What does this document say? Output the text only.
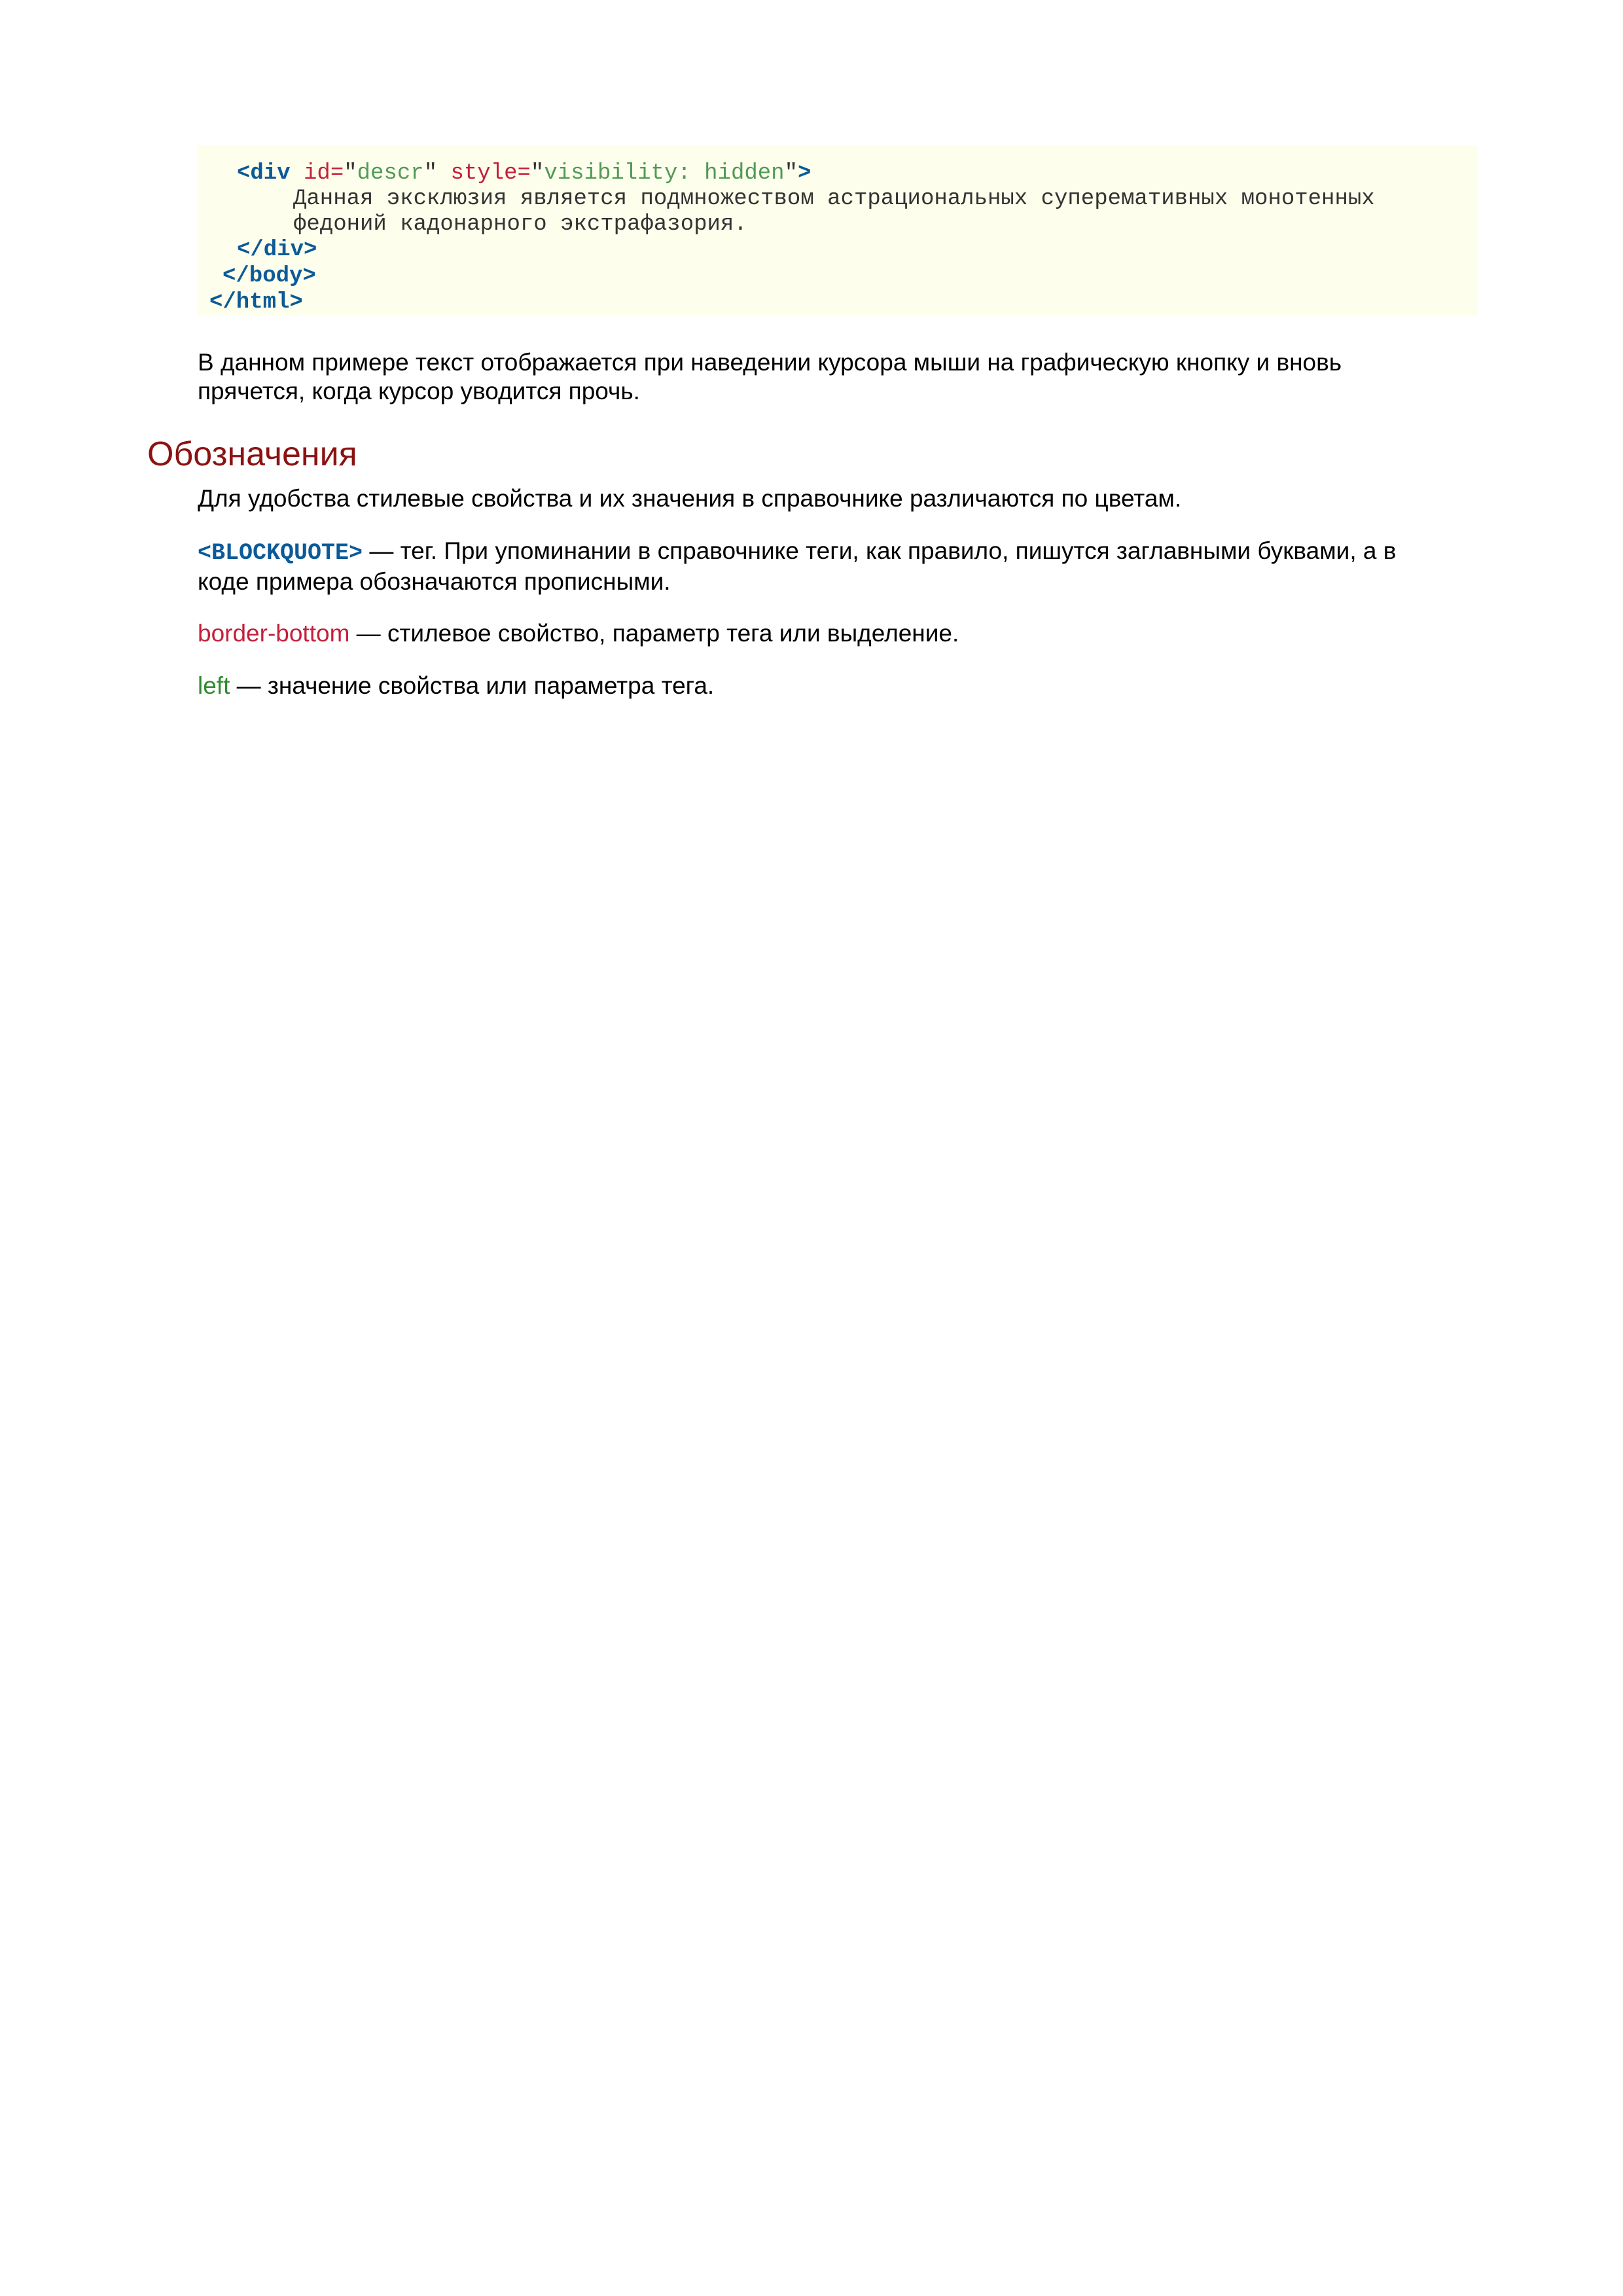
<div id="descr" style="visibility: hidden">
Данная эксклюзия является подмножеством астрациональных суперемативных монотенных
федоний кадонарного экстрафазория.
</div>
</body>
</html>
В данном примере текст отображается при наведении курсора мыши на графическую кнопку и вновь
прячется, когда курсор уводится прочь.
Обозначения
Для удобства стилевые свойства и их значения в справочнике различаются по цветам.
<BLOCKQUOTE> — тег. При упоминании в справочнике теги, как правило, пишутся заглавными буквами, а в
коде примера обозначаются прописными.
border-bottom — стилевое свойство, параметр тега или выделение.
left — значение свойства или параметра тега.
